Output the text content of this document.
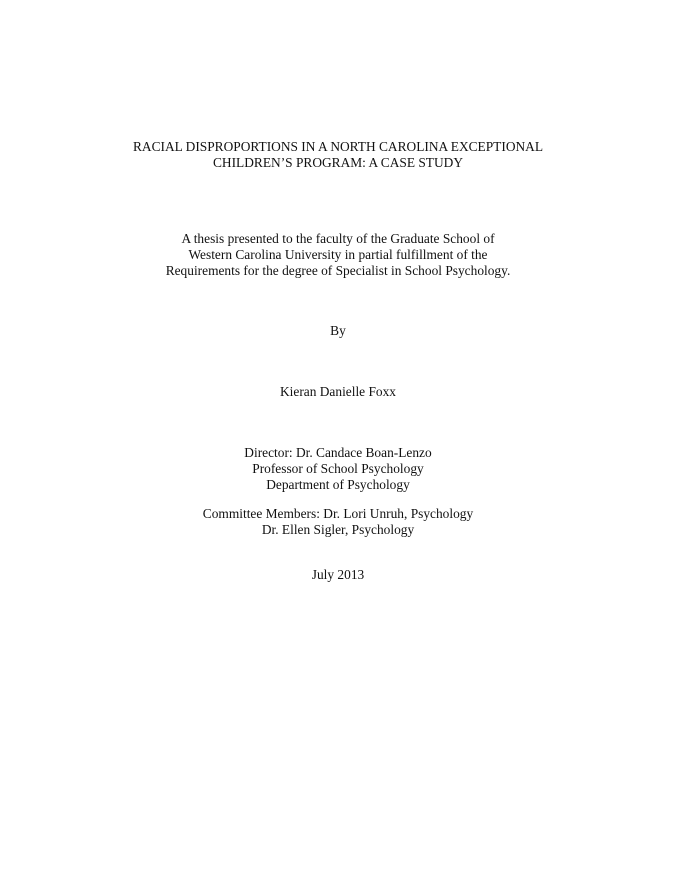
RACIAL DISPROPORTIONS IN A NORTH CAROLINA EXCEPTIONAL
CHILDREN’S PROGRAM: A CASE STUDY
A thesis presented to the faculty of the Graduate School of
Western Carolina University in partial fulfillment of the
Requirements for the degree of Specialist in School Psychology.
By
Kieran Danielle Foxx
Director: Dr. Candace Boan-Lenzo
Professor of School Psychology
Department of Psychology
Committee Members: Dr. Lori Unruh, Psychology
Dr. Ellen Sigler, Psychology
July 2013
